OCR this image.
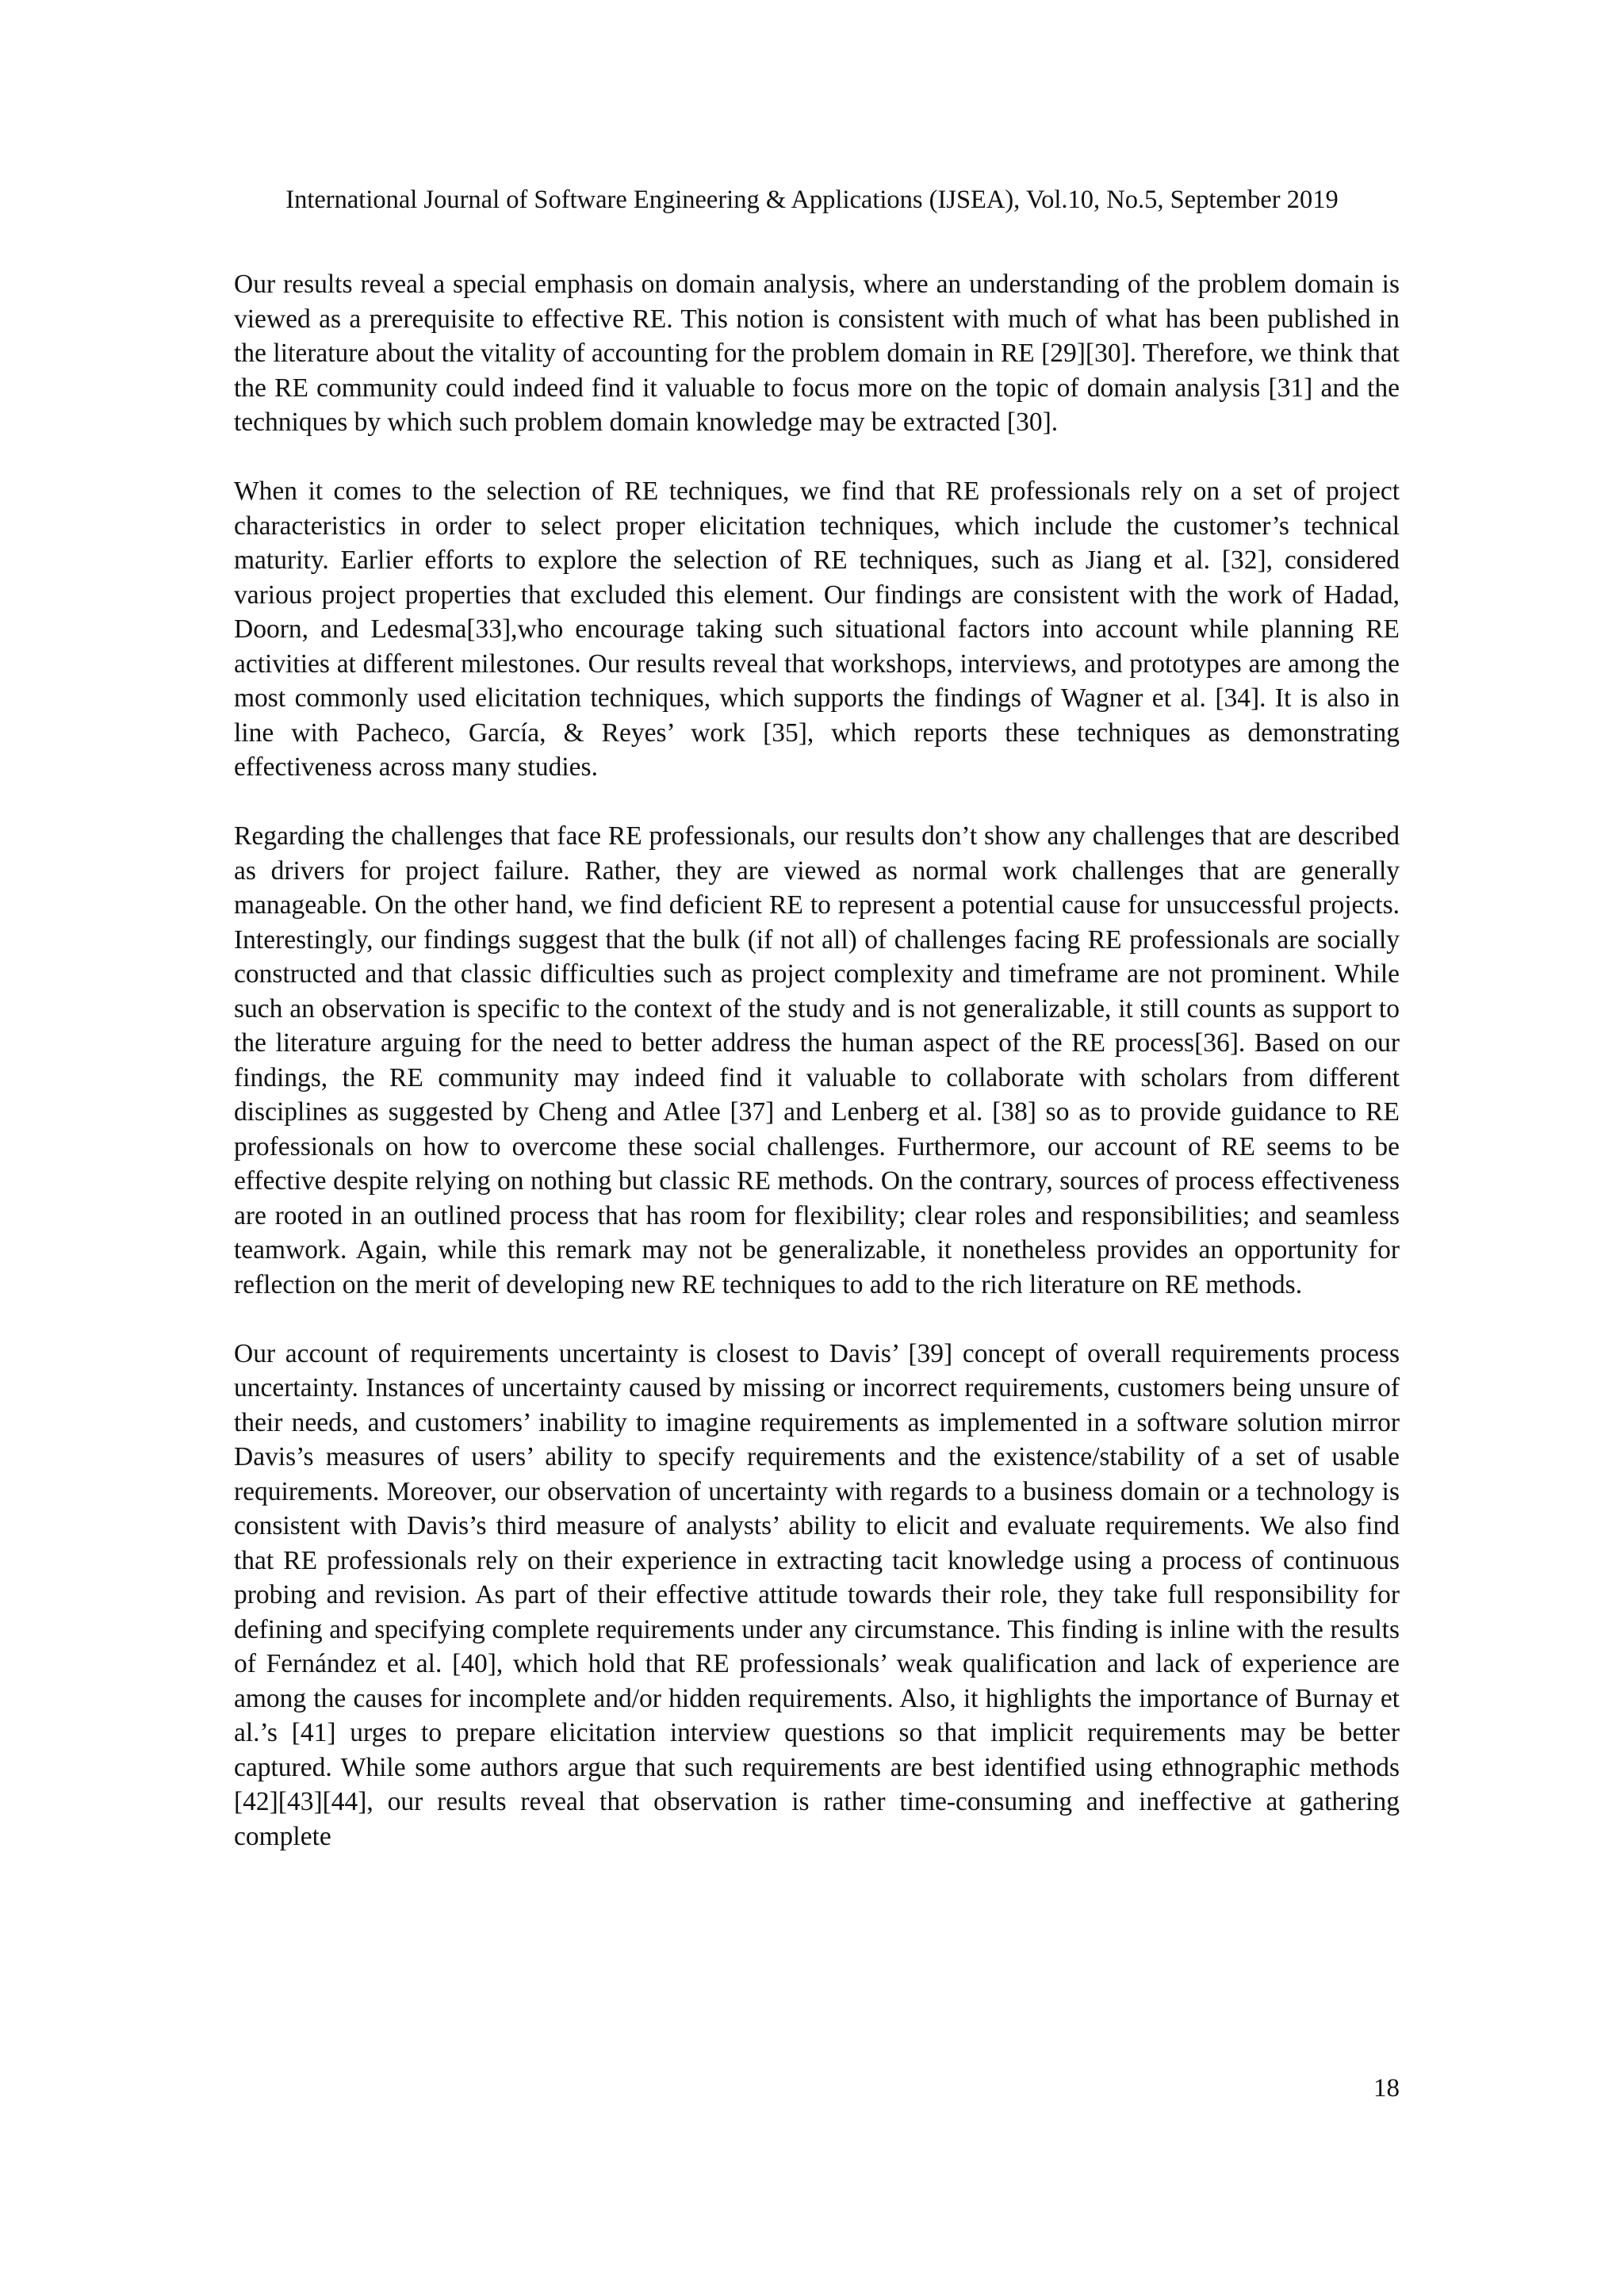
International Journal of Software Engineering & Applications (IJSEA), Vol.10, No.5, September 2019

Our results reveal a special emphasis on domain analysis, where an understanding of the problem domain is viewed as a prerequisite to effective RE. This notion is consistent with much of what has been published in the literature about the vitality of accounting for the problem domain in RE [29][30]. Therefore, we think that the RE community could indeed find it valuable to focus more on the topic of domain analysis [31] and the techniques by which such problem domain knowledge may be extracted [30].

When it comes to the selection of RE techniques, we find that RE professionals rely on a set of project characteristics in order to select proper elicitation techniques, which include the customer’s technical maturity. Earlier efforts to explore the selection of RE techniques, such as Jiang et al. [32], considered various project properties that excluded this element. Our findings are consistent with the work of Hadad, Doorn, and Ledesma[33],who encourage taking such situational factors into account while planning RE activities at different milestones. Our results reveal that workshops, interviews, and prototypes are among the most commonly used elicitation techniques, which supports the findings of Wagner et al. [34]. It is also in line with Pacheco, García, & Reyes’ work [35], which reports these techniques as demonstrating effectiveness across many studies.

Regarding the challenges that face RE professionals, our results don’t show any challenges that are described as drivers for project failure. Rather, they are viewed as normal work challenges that are generally manageable. On the other hand, we find deficient RE to represent a potential cause for unsuccessful projects. Interestingly, our findings suggest that the bulk (if not all) of challenges facing RE professionals are socially constructed and that classic difficulties such as project complexity and timeframe are not prominent. While such an observation is specific to the context of the study and is not generalizable, it still counts as support to the literature arguing for the need to better address the human aspect of the RE process[36]. Based on our findings, the RE community may indeed find it valuable to collaborate with scholars from different disciplines as suggested by Cheng and Atlee [37] and Lenberg et al. [38] so as to provide guidance to RE professionals on how to overcome these social challenges. Furthermore, our account of RE seems to be effective despite relying on nothing but classic RE methods. On the contrary, sources of process effectiveness are rooted in an outlined process that has room for flexibility; clear roles and responsibilities; and seamless teamwork. Again, while this remark may not be generalizable, it nonetheless provides an opportunity for reflection on the merit of developing new RE techniques to add to the rich literature on RE methods.

Our account of requirements uncertainty is closest to Davis’ [39] concept of overall requirements process uncertainty. Instances of uncertainty caused by missing or incorrect requirements, customers being unsure of their needs, and customers’ inability to imagine requirements as implemented in a software solution mirror Davis’s measures of users’ ability to specify requirements and the existence/stability of a set of usable requirements. Moreover, our observation of uncertainty with regards to a business domain or a technology is consistent with Davis’s third measure of analysts’ ability to elicit and evaluate requirements. We also find that RE professionals rely on their experience in extracting tacit knowledge using a process of continuous probing and revision. As part of their effective attitude towards their role, they take full responsibility for defining and specifying complete requirements under any circumstance. This finding is inline with the results of Fernández et al. [40], which hold that RE professionals’ weak qualification and lack of experience are among the causes for incomplete and/or hidden requirements. Also, it highlights the importance of Burnay et al.’s [41] urges to prepare elicitation interview questions so that implicit requirements may be better captured. While some authors argue that such requirements are best identified using ethnographic methods [42][43][44], our results reveal that observation is rather time-consuming and ineffective at gathering complete

18
